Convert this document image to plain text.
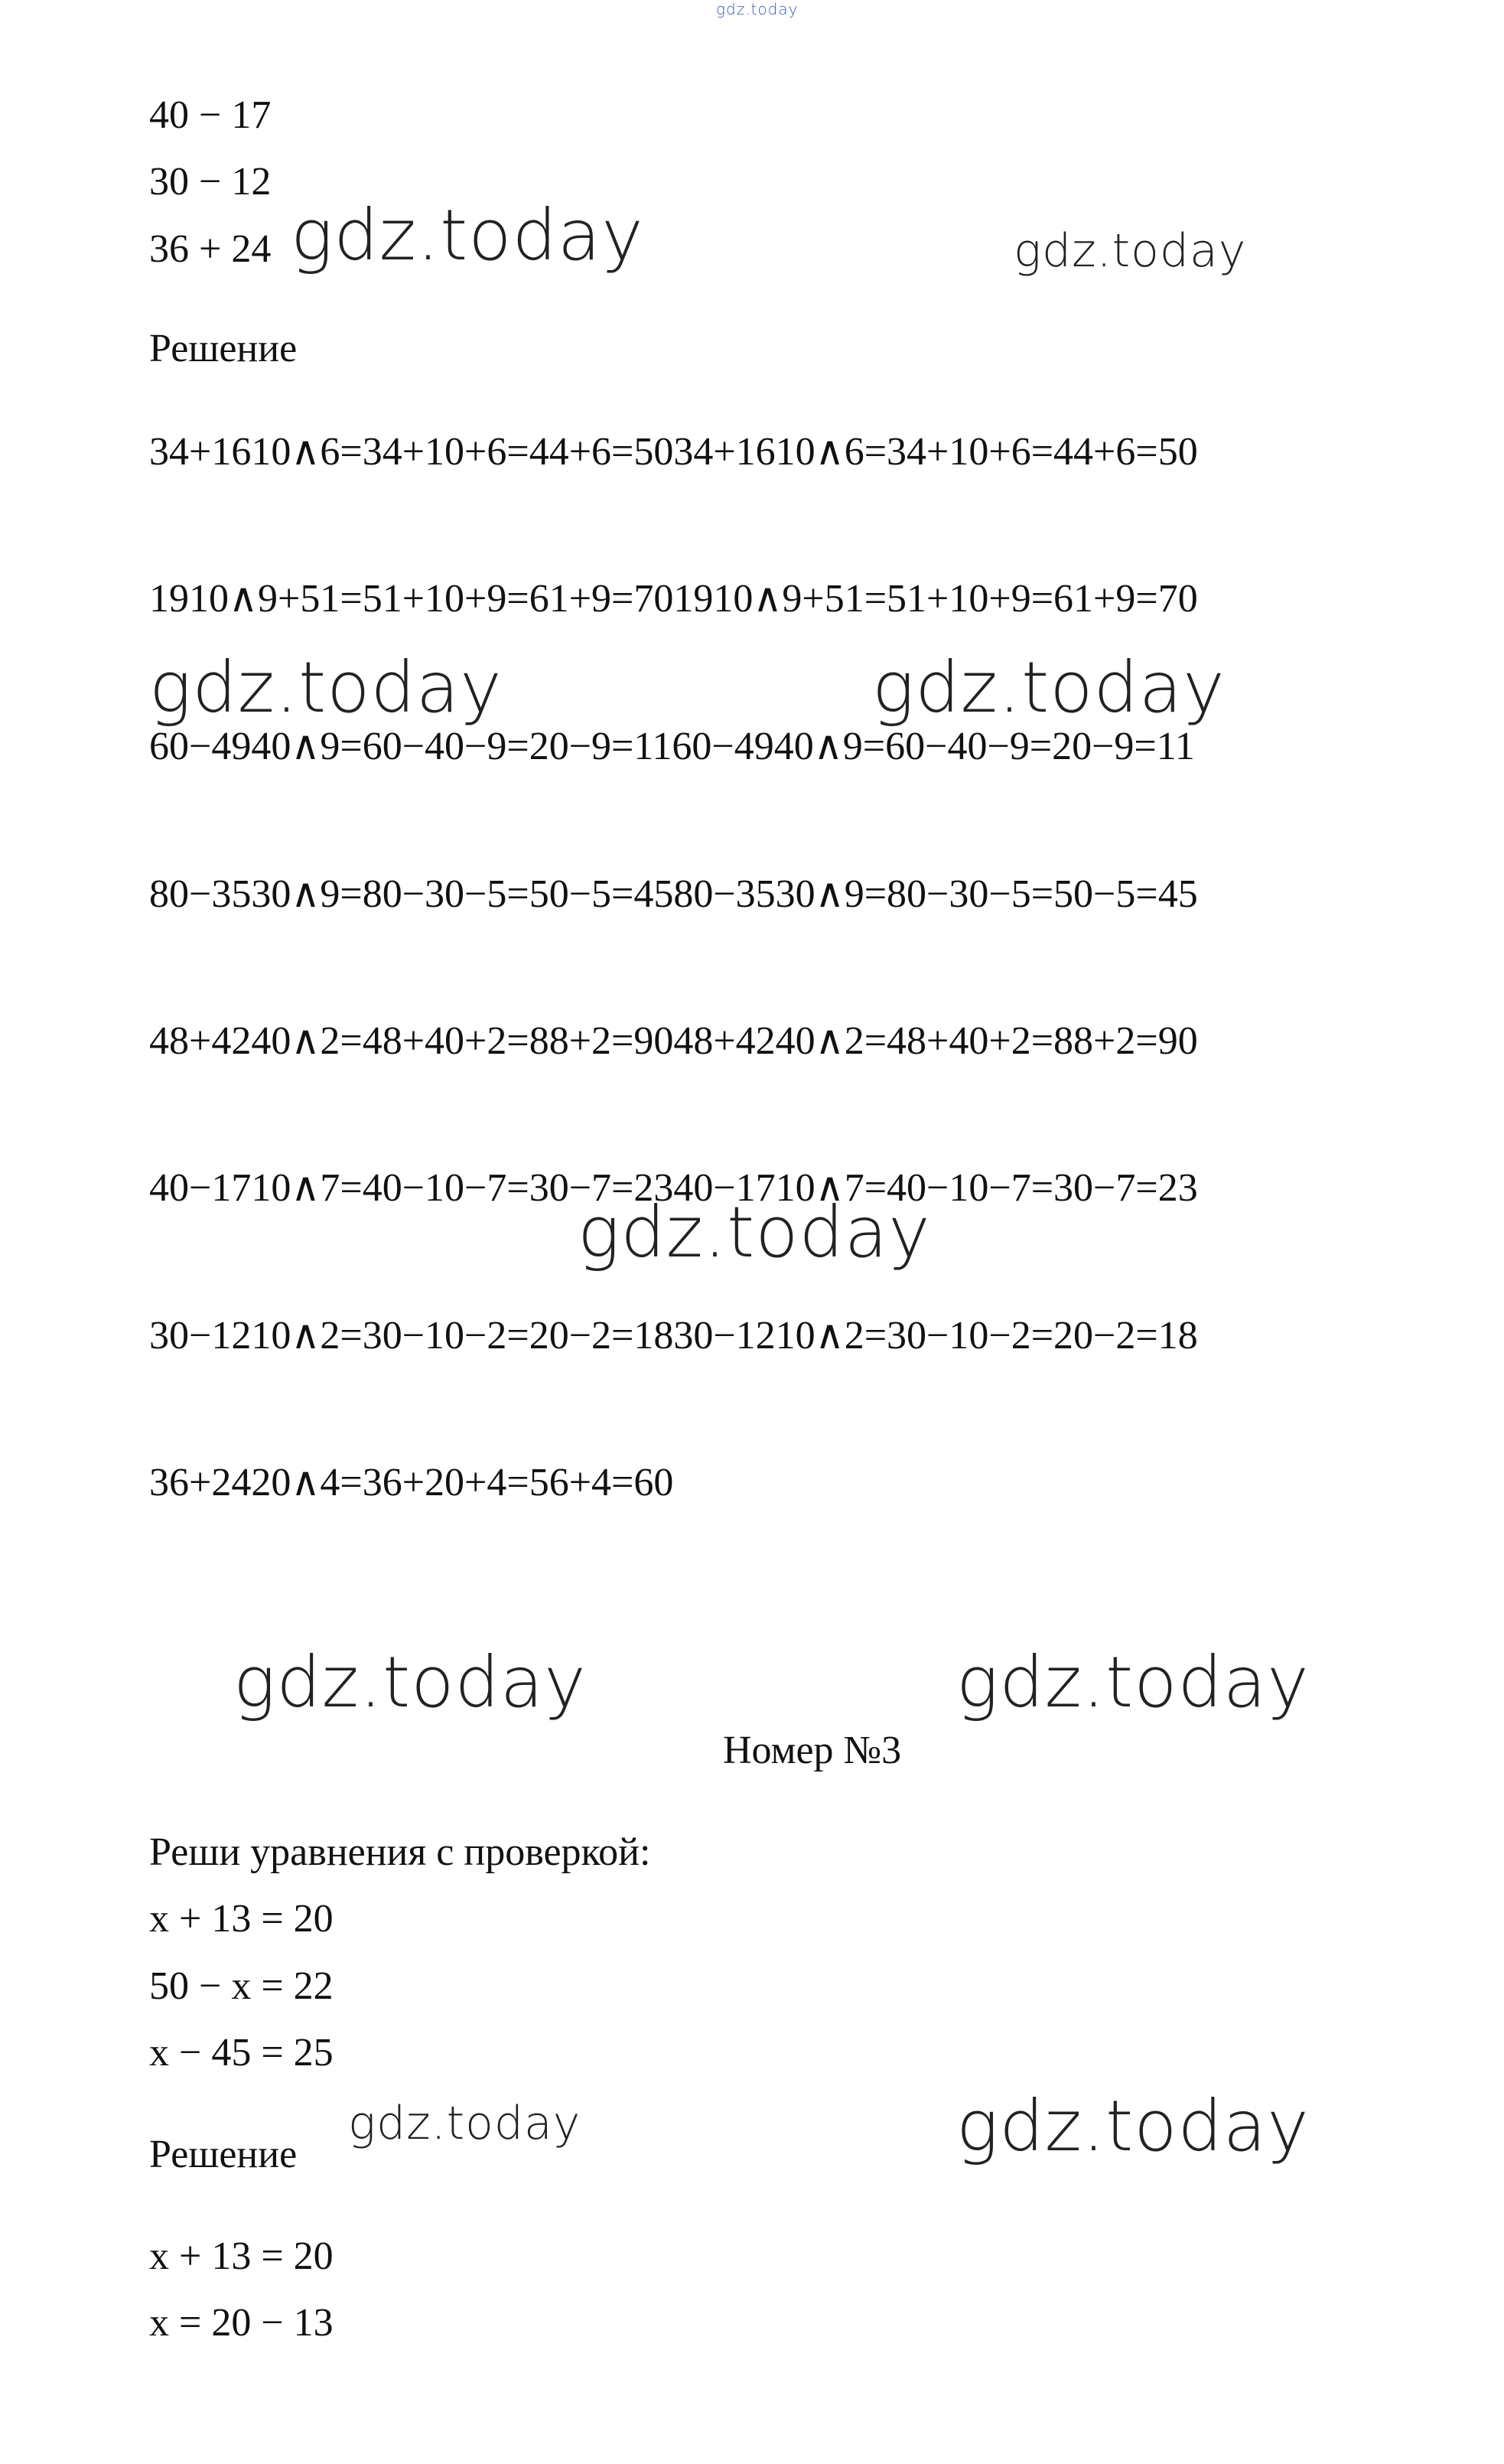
gdz.today
40 − 17
30 − 12
36 + 24
Решение
34+1610∧6=34+10+6=44+6=5034+1610∧6=34+10+6=44+6=50
1910∧9+51=51+10+9=61+9=701910∧9+51=51+10+9=61+9=70
60−4940∧9=60−40−9=20−9=1160−4940∧9=60−40−9=20−9=11
80−3530∧9=80−30−5=50−5=4580−3530∧9=80−30−5=50−5=45
48+4240∧2=48+40+2=88+2=9048+4240∧2=48+40+2=88+2=90
40−1710∧7=40−10−7=30−7=2340−1710∧7=40−10−7=30−7=23
30−1210∧2=30−10−2=20−2=1830−1210∧2=30−10−2=20−2=18
36+2420∧4=36+20+4=56+4=60
Номер №3
Реши уравнения с проверкой:
x + 13 = 20
50 − x = 22
x − 45 = 25
Решение
x + 13 = 20
x = 20 − 13
gdz.today	gdz.today
gdz.today	gdz.today
gdz.today
gdz.today	gdz.today
gdz.today	gdz.today
